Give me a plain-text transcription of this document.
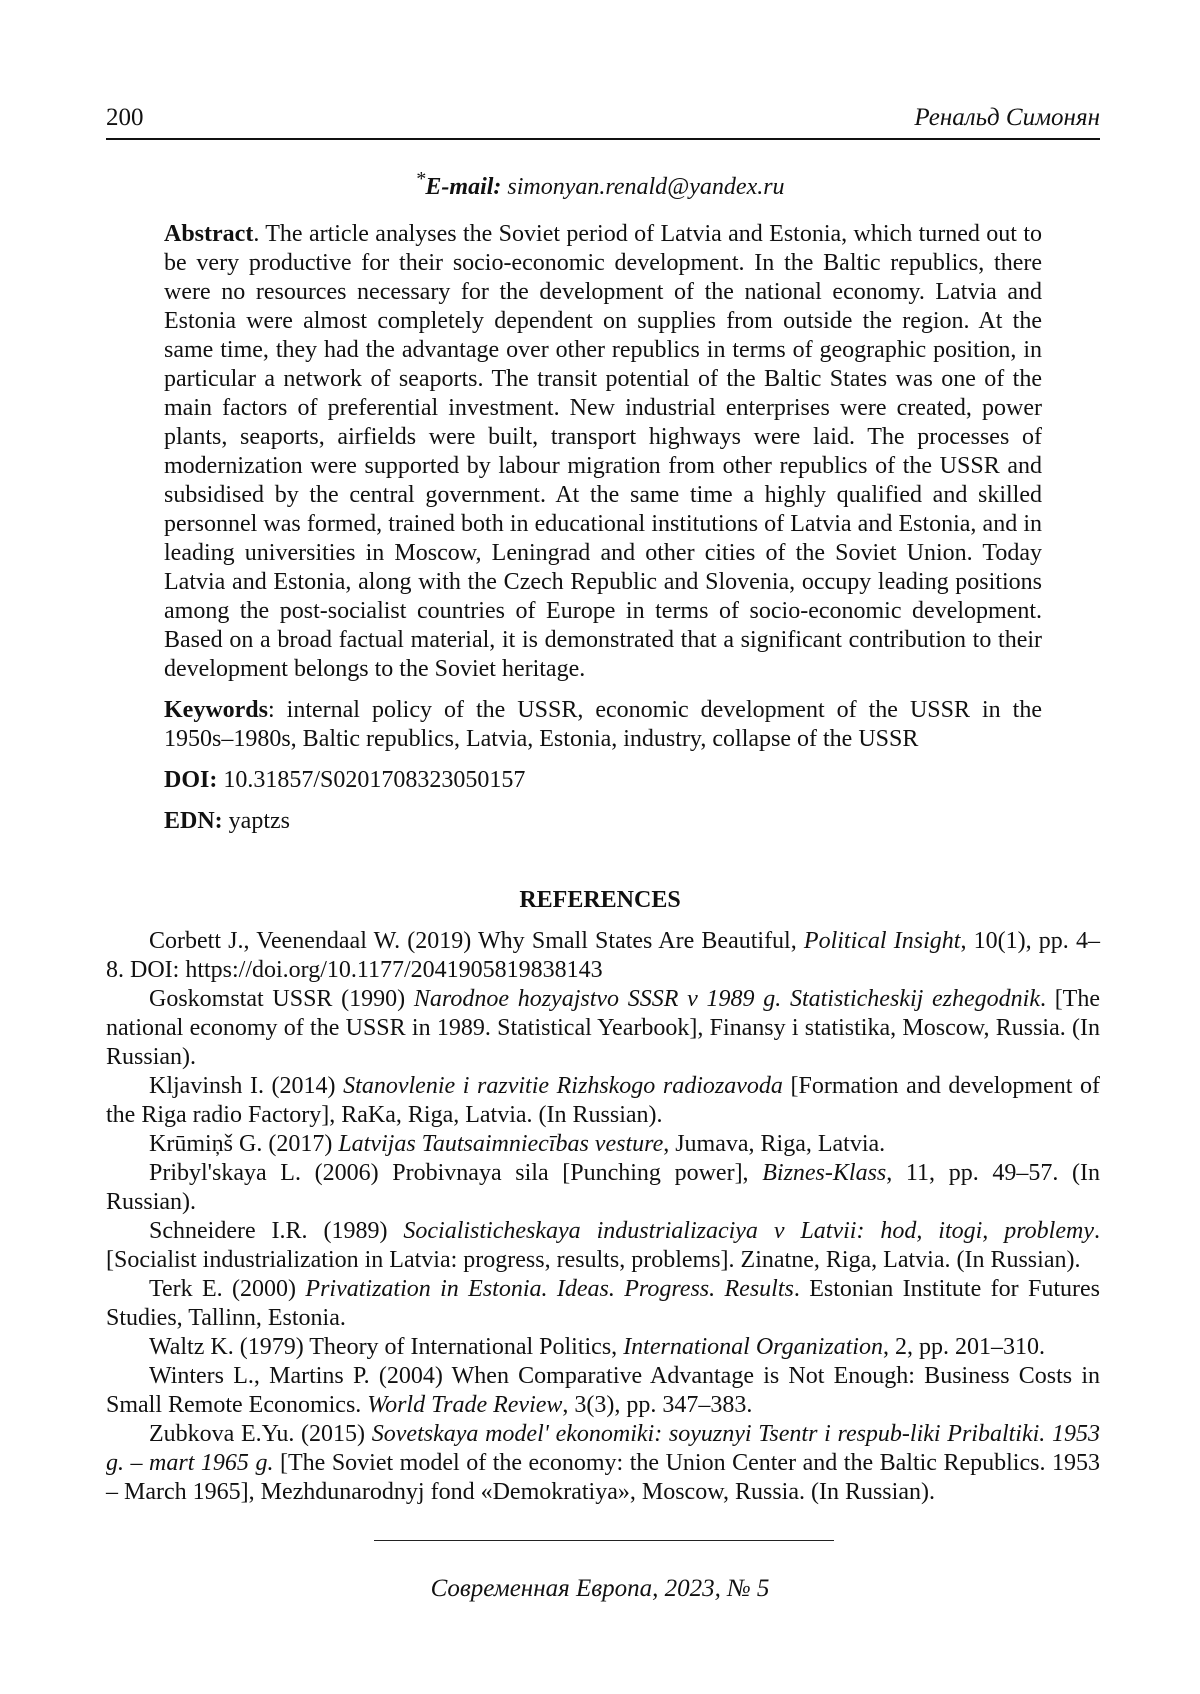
200	Ренальд Симонян
*E-mail: simonyan.renald@yandex.ru

Abstract. The article analyses the Soviet period of Latvia and Estonia, which turned out to be very productive for their socio-economic development. In the Baltic republics, there were no resources necessary for the development of the national economy. Latvia and Estonia were almost completely dependent on supplies from outside the region. At the same time, they had the advantage over other republics in terms of geographic position, in particular a network of seaports. The transit potential of the Baltic States was one of the main factors of preferential investment. New industrial enterprises were created, power plants, seaports, airfields were built, transport highways were laid. The processes of modernization were supported by labour migration from other republics of the USSR and subsidised by the central government. At the same time a highly qualified and skilled personnel was formed, trained both in educational institutions of Latvia and Estonia, and in leading universities in Moscow, Leningrad and other cities of the Soviet Union. Today Latvia and Estonia, along with the Czech Republic and Slovenia, occupy leading positions among the post-socialist countries of Europe in terms of socio-economic development. Based on a broad factual material, it is demonstrated that a significant contribution to their development belongs to the Soviet heritage.

Keywords: internal policy of the USSR, economic development of the USSR in the 1950s–1980s, Baltic republics, Latvia, Estonia, industry, collapse of the USSR

DOI: 10.31857/S0201708323050157

EDN: yaptzs

REFERENCES

Corbett J., Veenendaal W. (2019) Why Small States Are Beautiful, Political Insight, 10(1), pp. 4–8. DOI: https://doi.org/10.1177/2041905819838143

Goskomstat USSR (1990) Narodnoe hozyajstvo SSSR v 1989 g. Statisticheskij ezhegodnik. [The national economy of the USSR in 1989. Statistical Yearbook], Finansy i statistika, Moscow, Russia. (In Russian).

Kljavinsh I. (2014) Stanovlenie i razvitie Rizhskogo radiozavoda [Formation and development of the Riga radio Factory], RaKa, Riga, Latvia. (In Russian).

Krūmiņš G. (2017) Latvijas Tautsaimniecības vesture, Jumava, Riga, Latvia.

Pribyl'skaya L. (2006) Probivnaya sila [Punching power], Biznes-Klass, 11, pp. 49–57. (In Russian).

Schneidere I.R. (1989) Socialisticheskaya industrializaciya v Latvii: hod, itogi, problemy. [Socialist industrialization in Latvia: progress, results, problems]. Zinatne, Riga, Latvia. (In Russian).

Terk E. (2000) Privatization in Estonia. Ideas. Progress. Results. Estonian Institute for Futures Studies, Tallinn, Estonia.

Waltz K. (1979) Theory of International Politics, International Organization, 2, pp. 201–310.

Winters L., Martins P. (2004) When Comparative Advantage is Not Enough: Business Costs in Small Remote Economics. World Trade Review, 3(3), pp. 347–383.

Zubkova E.Yu. (2015) Sovetskaya model' ekonomiki: soyuznyi Tsentr i respub-liki Pribaltiki. 1953 g. – mart 1965 g. [The Soviet model of the economy: the Union Center and the Baltic Republics. 1953 – March 1965], Mezhdunarodnyj fond «Demokratiya», Moscow, Russia. (In Russian).

Современная Европа, 2023, № 5
